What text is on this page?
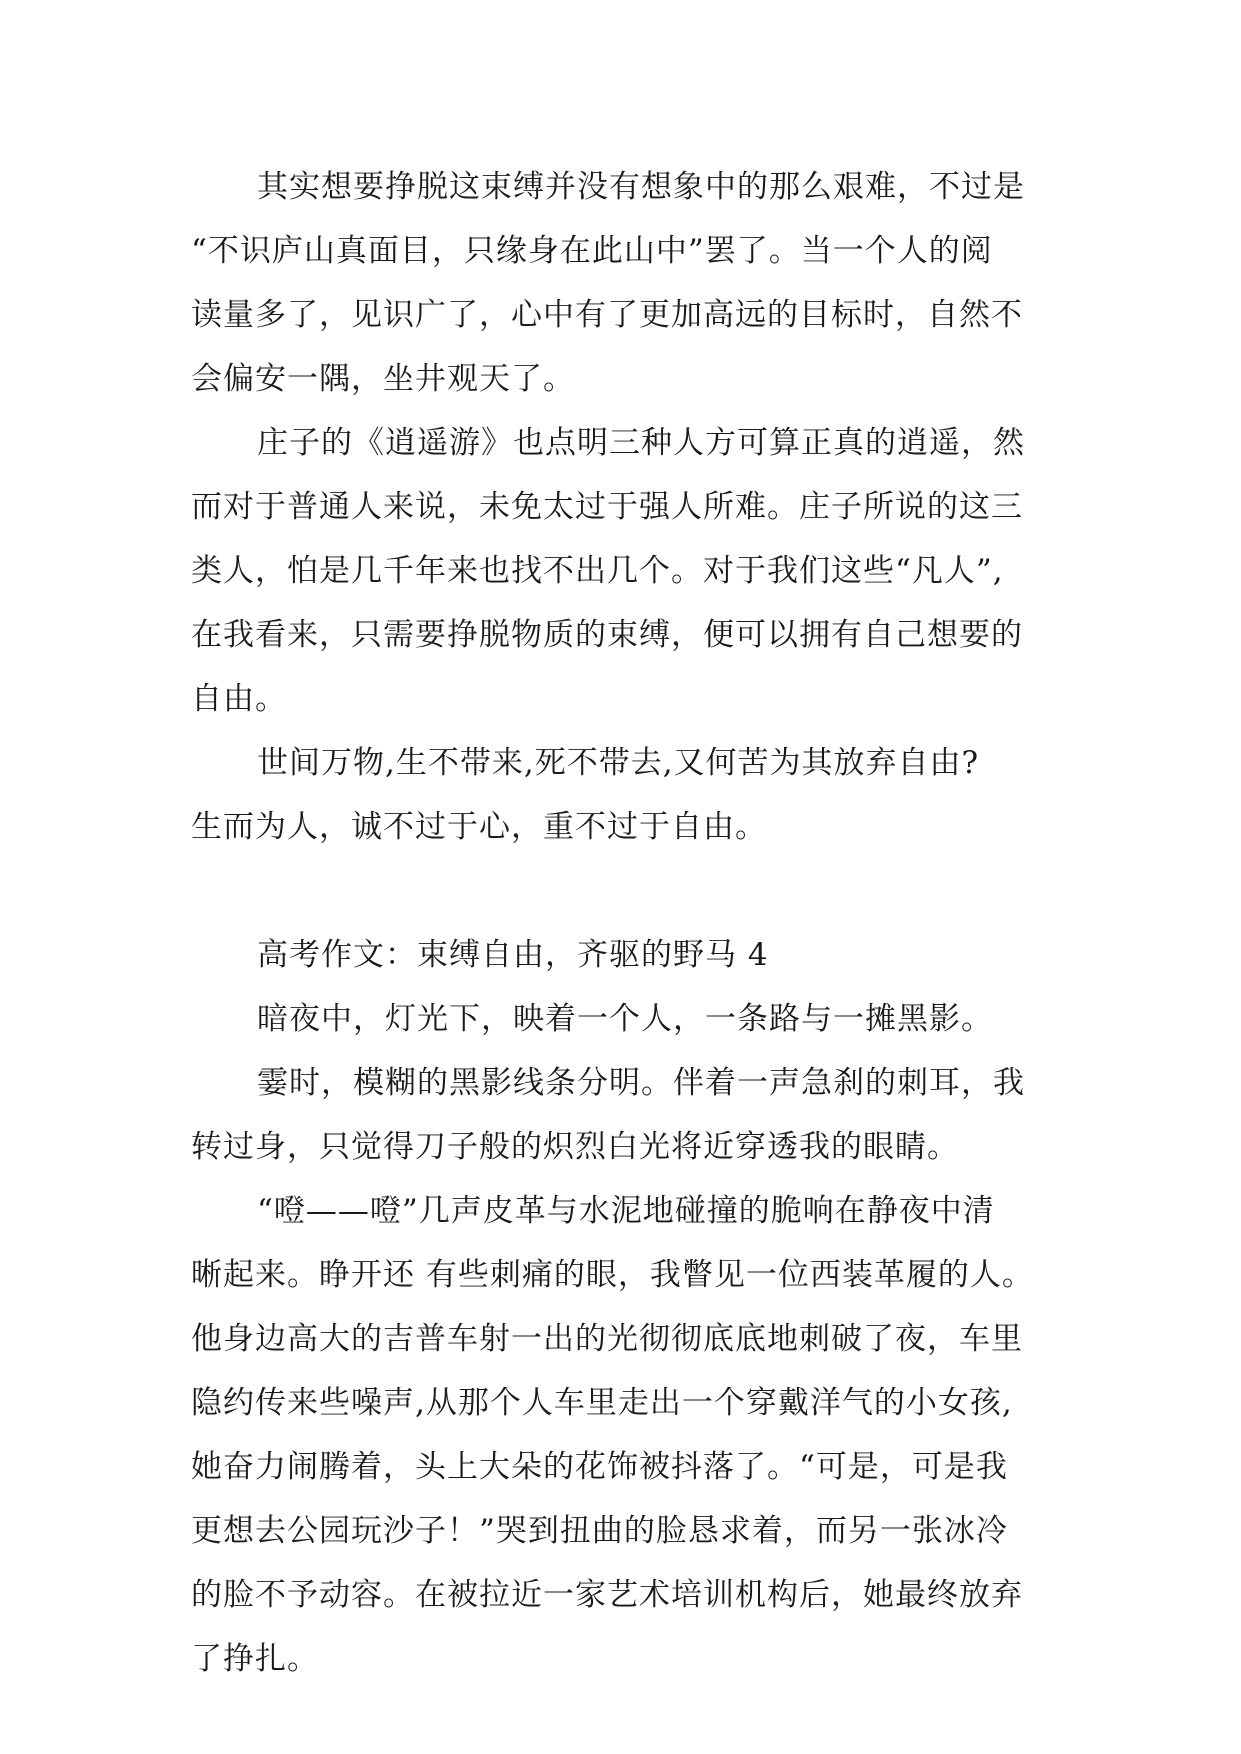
其实想要挣脱这束缚并没有想象中的那么艰难，不过是
“不识庐山真面目，只缘身在此山中”罢了。当一个人的阅
读量多了，见识广了，心中有了更加高远的目标时，自然不
会偏安一隅，坐井观天了。
庄子的《逍遥游》也点明三种人方可算正真的逍遥，然
而对于普通人来说，未免太过于强人所难。庄子所说的这三
类人，怕是几千年来也找不出几个。对于我们这些“凡人”,
在我看来，只需要挣脱物质的束缚，便可以拥有自己想要的
自由。
世间万物,生不带来,死不带去,又何苦为其放弃自由?
生而为人，诚不过于心，重不过于自由。
高考作文：束缚自由，齐驱的野马 4
暗夜中，灯光下，映着一个人，一条路与一摊黑影。
霎时，模糊的黑影线条分明。伴着一声急刹的刺耳，我
转过身，只觉得刀子般的炽烈白光将近穿透我的眼睛。
“噔——噔”几声皮革与水泥地碰撞的脆响在静夜中清
晰起来。睁开还 有些刺痛的眼，我瞥见一位西装革履的人。
他身边高大的吉普车射一出的光彻彻底底地刺破了夜，车里
隐约传来些噪声,从那个人车里走出一个穿戴洋气的小女孩,
她奋力闹腾着，头上大朵的花饰被抖落了。“可是，可是我
更想去公园玩沙子！”哭到扭曲的脸恳求着，而另一张冰冷
的脸不予动容。在被拉近一家艺术培训机构后，她最终放弃
了挣扎。
